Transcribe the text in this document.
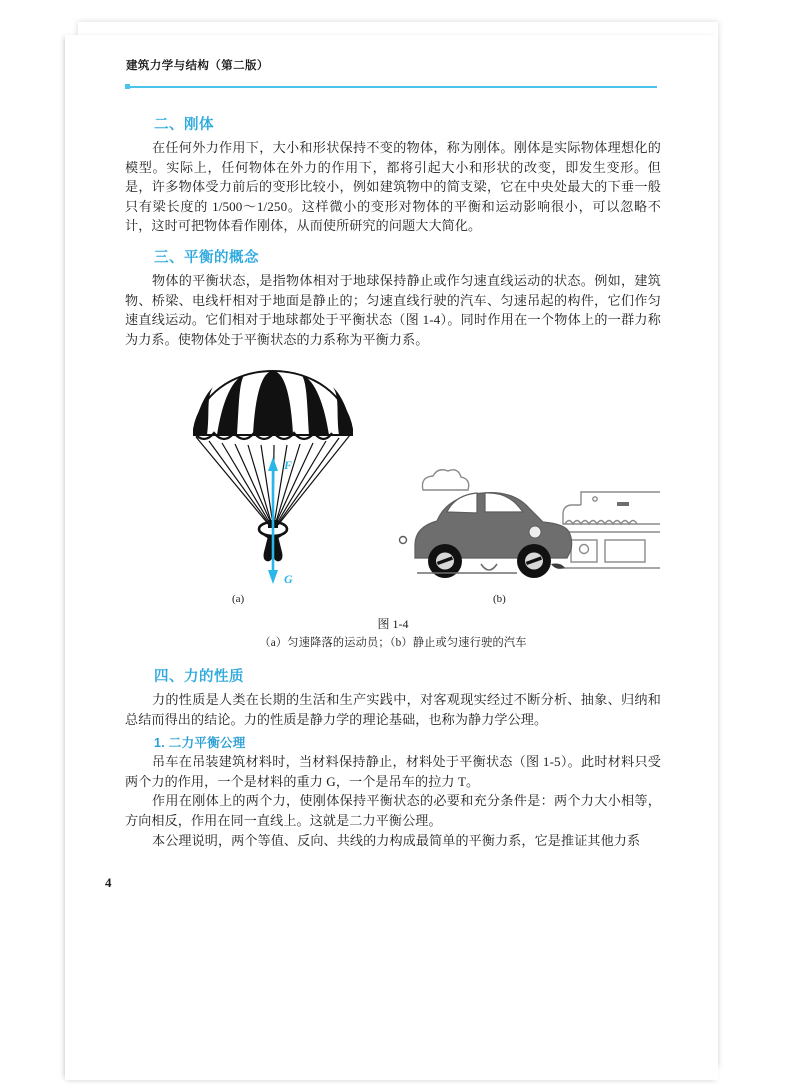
建筑力学与结构（第二版）
二、刚体

在任何外力作用下，大小和形状保持不变的物体，称为刚体。刚体是实际物体理想化的模型。实际上，任何物体在外力的作用下，都将引起大小和形状的改变，即发生变形。但是，许多物体受力前后的变形比较小，例如建筑物中的简支梁，它在中央处最大的下垂一般只有梁长度的 1/500～1/250。这样微小的变形对物体的平衡和运动影响很小，可以忽略不计，这时可把物体看作刚体，从而使所研究的问题大大简化。

三、平衡的概念

物体的平衡状态，是指物体相对于地球保持静止或作匀速直线运动的状态。例如，建筑物、桥梁、电线杆相对于地面是静止的；匀速直线行驶的汽车、匀速吊起的构件，它们作匀速直线运动。它们相对于地球都处于平衡状态（图 1-4）。同时作用在一个物体上的一群力称为力系。使物体处于平衡状态的力系称为平衡力系。

F
G
(a)	(b)
图 1-4
（a）匀速降落的运动员；（b）静止或匀速行驶的汽车
四、力的性质

力的性质是人类在长期的生活和生产实践中，对客观现实经过不断分析、抽象、归纳和总结而得出的结论。力的性质是静力学的理论基础，也称为静力学公理。

1. 二力平衡公理

吊车在吊装建筑材料时，当材料保持静止，材料处于平衡状态（图 1-5）。此时材料只受两个力的作用，一个是材料的重力 G，一个是吊车的拉力 T。

作用在刚体上的两个力，使刚体保持平衡状态的必要和充分条件是：两个力大小相等，方向相反，作用在同一直线上。这就是二力平衡公理。

本公理说明，两个等值、反向、共线的力构成最简单的平衡力系，它是推证其他力系

4
